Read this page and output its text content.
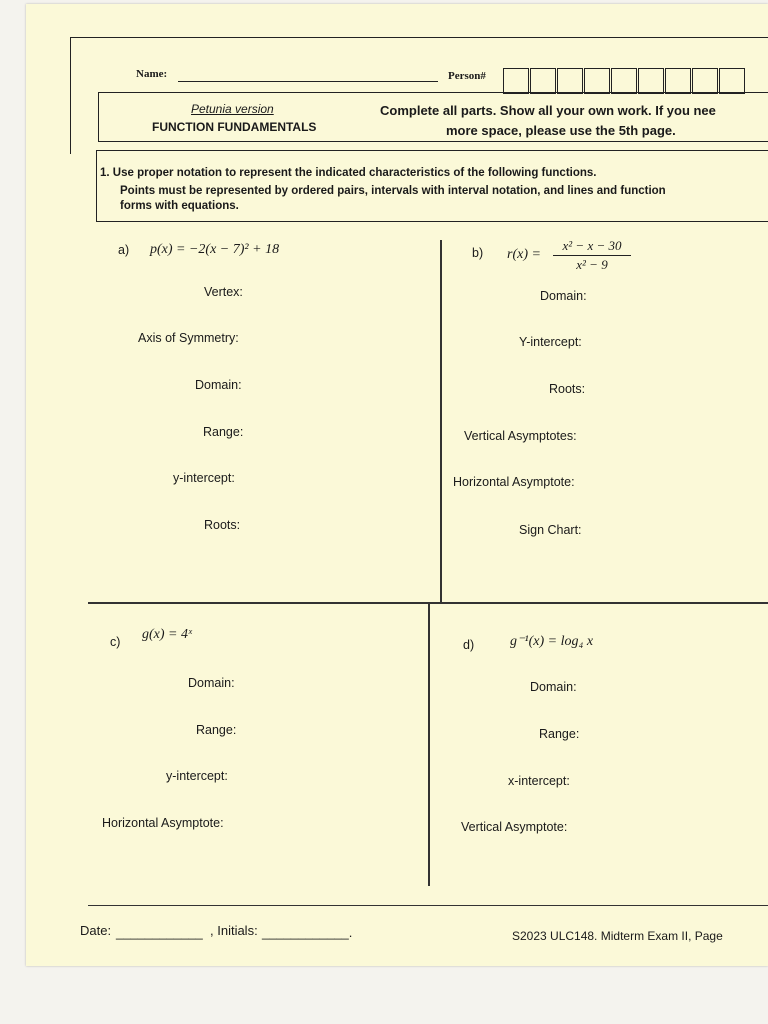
Name:	Person#
Petunia version
FUNCTION FUNDAMENTALS
Complete all parts. Show all your own work. If you nee
more space, please use the 5th page.
1. Use proper notation to represent the indicated characteristics of the following functions.
Points must be represented by ordered pairs, intervals with interval notation, and lines and function
forms with equations.
a) p(x) = −2(x − 7)² + 18
Vertex:
Axis of Symmetry:
Domain:
Range:
y-intercept:
Roots:
b) r(x) =
x² − x − 30
x² − 9
Domain:
Y-intercept:
Roots:
Vertical Asymptotes:
Horizontal Asymptote:
Sign Chart:
c) g(x) = 4ˣ
Domain:
Range:
y-intercept:
Horizontal Asymptote:
d)	g⁻¹(x) = log₄ x
Domain:
Range:
x-intercept:
Vertical Asymptote:
Date: ____________ , Initials: ____________.	S2023 ULC148. Midterm Exam II, Page
